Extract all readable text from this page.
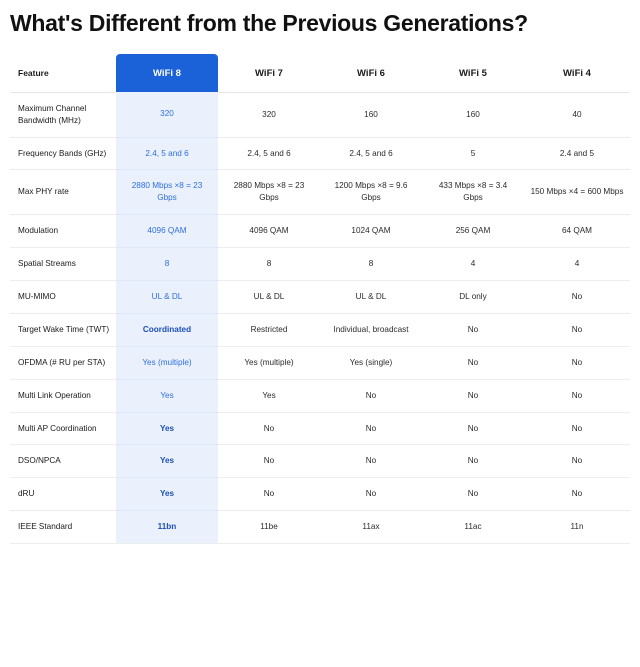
What's Different from the Previous Generations?
Feature	WiFi 8	WiFi 7	WiFi 6	WiFi 5	WiFi 4
Maximum Channel Bandwidth (MHz)	320	320	160	160	40
Frequency Bands (GHz)	2.4, 5 and 6	2.4, 5 and 6	2.4, 5 and 6	5	2.4 and 5
Max PHY rate	2880 Mbps ×8 = 23 Gbps	2880 Mbps ×8 = 23 Gbps	1200 Mbps ×8 = 9.6 Gbps	433 Mbps ×8 = 3.4 Gbps	150 Mbps ×4 = 600 Mbps
Modulation	4096 QAM	4096 QAM	1024 QAM	256 QAM	64 QAM
Spatial Streams	8	8	8	4	4
MU-MIMO	UL & DL	UL & DL	UL & DL	DL only	No
Target Wake Time (TWT)	Coordinated	Restricted	Individual, broadcast	No	No
OFDMA (# RU per STA)	Yes (multiple)	Yes (multiple)	Yes (single)	No	No
Multi Link Operation	Yes	Yes	No	No	No
Multi AP Coordination	Yes	No	No	No	No
DSO/NPCA	Yes	No	No	No	No
dRU	Yes	No	No	No	No
IEEE Standard	11bn	11be	11ax	11ac	11n
